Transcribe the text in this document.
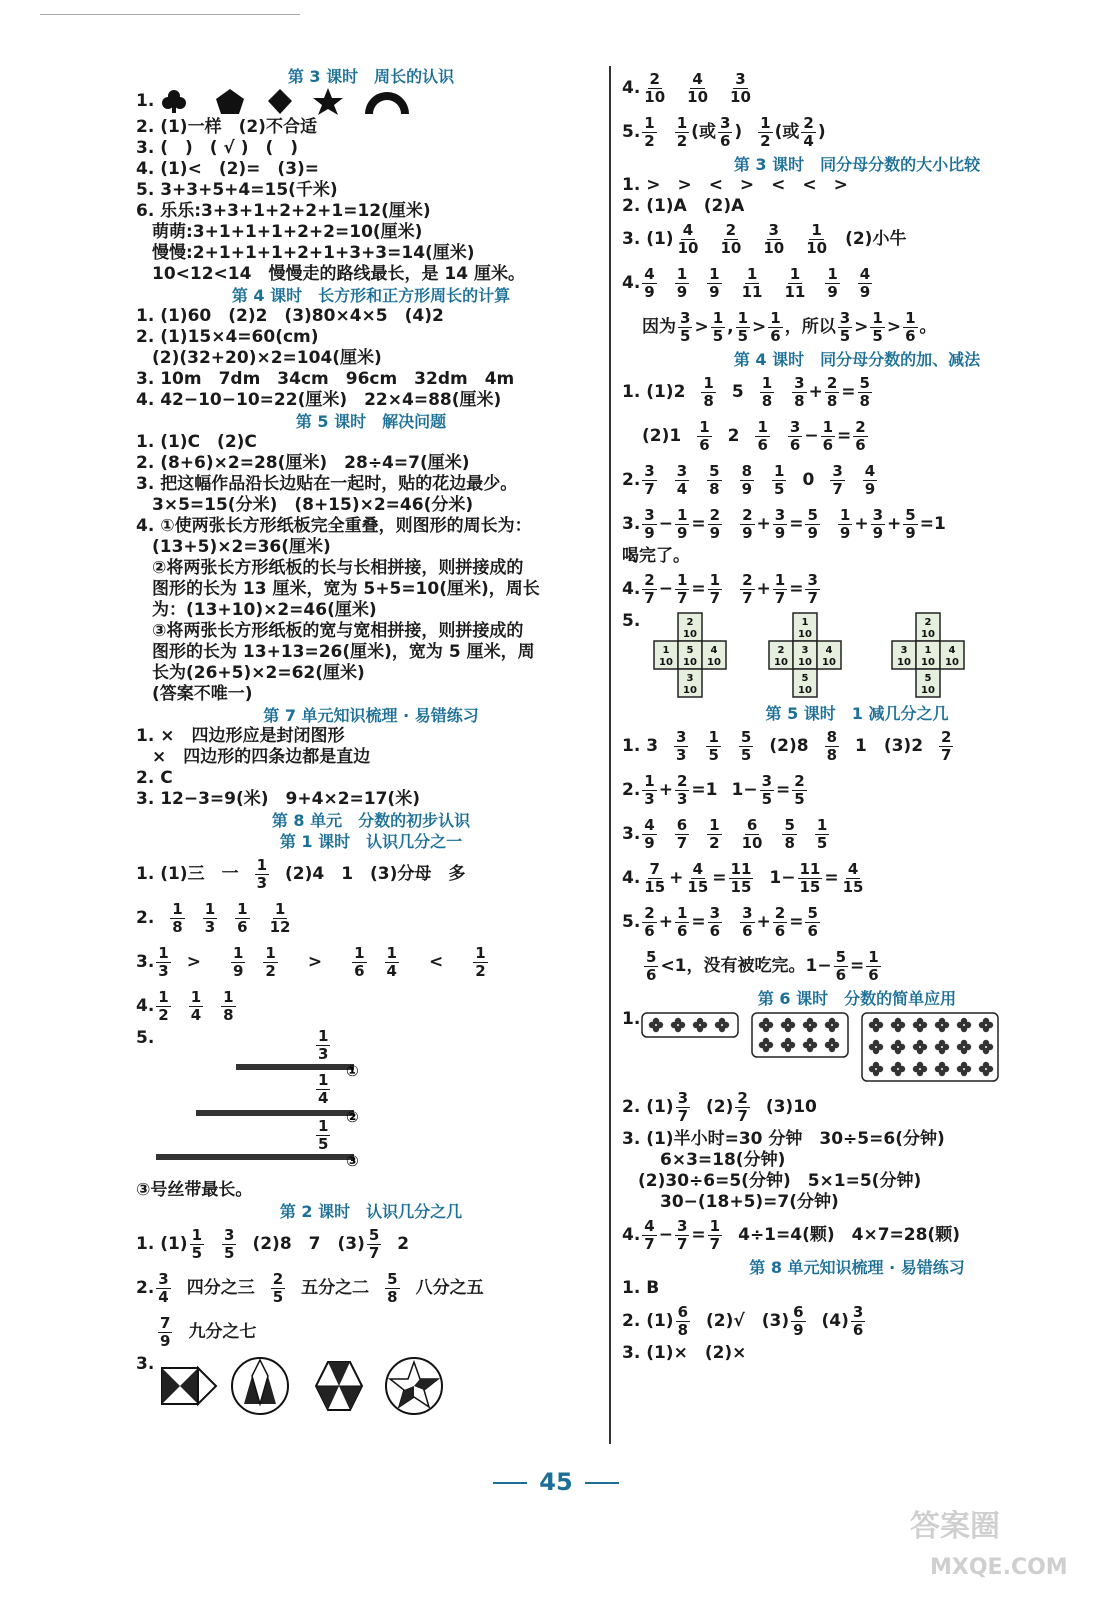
第 3 课时　周长的认识
1.
2. (1)一样　(2)不合适
3. (　)　( √ )　(　)
4. (1)<　(2)=　(3)=
5. 3+3+5+4=15(千米)
6. 乐乐:3+3+1+2+2+1=12(厘米)
萌萌:3+1+1+1+2+2=10(厘米)
慢慢:2+1+1+1+2+1+3+3=14(厘米)
10<12<14　慢慢走的路线最长，是 14 厘米。
第 4 课时　长方形和正方形周长的计算
1. (1)60　(2)2　(3)80×4×5　(4)2
2. (1)15×4=60(cm)
(2)(32+20)×2=104(厘米)
3. 10m　7dm　34cm　96cm　32dm　4m
4. 42−10−10=22(厘米)　22×4=88(厘米)
第 5 课时　解决问题
1. (1)C　(2)C
2. (8+6)×2=28(厘米)　28÷4=7(厘米)
3. 把这幅作品沿长边贴在一起时，贴的花边最少。
3×5=15(分米)　(8+15)×2=46(分米)
4. ①使两张长方形纸板完全重叠，则图形的周长为：
(13+5)×2=36(厘米)
②将两张长方形纸板的长与长相拼接，则拼接成的
图形的长为 13 厘米，宽为 5+5=10(厘米)，周长
为：(13+10)×2=46(厘米)
③将两张长方形纸板的宽与宽相拼接，则拼接成的
图形的长为 13+13=26(厘米)，宽为 5 厘米，周
长为(26+5)×2=62(厘米)
(答案不唯一)
第 7 单元知识梳理 · 易错练习
1. ×　四边形应是封闭图形
×　四边形的四条边都是直边
2. C
3. 12−3=9(米)　9+4×2=17(米)
第 8 单元　分数的初步认识
第 1 课时　认识几分之一
1. (1)三　一 $\frac{1}{3} (2)4$　1　(3)分母　多
2. $\frac{1}{8} \frac{1}{3} \frac{1}{6} \frac{1}{12}$
3. $\frac{1}{3} > \frac{1}{9} \frac{1}{2} > \frac{1}{6} \frac{1}{4} < \frac{1}{2}$
4. $\frac{1}{2} \frac{1}{4} \frac{1}{8}$
5.
①
②
③
$\frac{1}{3}$
$\frac{1}{4}$
$\frac{1}{5}$
③号丝带最长。
第 2 课时　认识几分之几
1. $(1) \frac{1}{5} \frac{3}{5} (2)8$　7　$(3) \frac{5}{7} 2$
2. $\frac{3}{4}$ 四分之三 $\frac{2}{5}$ 五分之二 $\frac{5}{8}$ 八分之五
$\frac{7}{9}$ 九分之七
3.
4. $\frac{2}{10} \frac{4}{10} \frac{3}{10}$
5. $\frac{1}{2} \frac{1}{2}$ (或 $\frac{3}{6}$ ) $\frac{1}{2}$ (或 $\frac{2}{4}$ )
第 3 课时　同分母分数的大小比较
1. >　>　<　>　<　<　>
2. (1)A　(2)A
3. $(1) \frac{4}{10} \frac{2}{10} \frac{3}{10} \frac{1}{10} (2)$小牛
4. $\frac{4}{9} \frac{1}{9} \frac{1}{9} \frac{1}{11} \frac{1}{11} \frac{1}{9} \frac{4}{9}$
因为 $\frac{3}{5} > \frac{1}{5}$ , $\frac{1}{5} > \frac{1}{6}$ ，所以 $\frac{3}{5} > \frac{1}{5} > \frac{1}{6}$ 。
第 4 课时　同分母分数的加、减法
1. $(1)2 \frac{1}{8} 5 \frac{1}{8} \frac{3}{8} + \frac{2}{8} = \frac{5}{8}$
$(2)1 \frac{1}{6} 2 \frac{1}{6} \frac{3}{6} - \frac{1}{6} = \frac{2}{6}$
2. $\frac{3}{7} \frac{3}{4} \frac{5}{8} \frac{8}{9} \frac{1}{5} 0 \frac{3}{7} \frac{4}{9}$
3. $\frac{3}{9} - \frac{1}{9} = \frac{2}{9} \frac{2}{9} + \frac{3}{9} = \frac{5}{9} \frac{1}{9} + \frac{3}{9} + \frac{5}{9} =1$
喝完了。
4. $\frac{2}{7} - \frac{1}{7} = \frac{1}{7} \frac{2}{7} + \frac{1}{7} = \frac{3}{7}$
5.	2
10
1
10
5
10
4
10
3
10
1
10
2
10
3
10
4
10
5
10
2
10
3
10
1
10
4
10
5
10
第 5 课时　1 减几分之几
1. $3 \frac{3}{3} \frac{1}{5} \frac{5}{5} (2)8 \frac{8}{8} 1$　$(3)2 \frac{2}{7}$
2. $\frac{1}{3} + \frac{2}{3} =1$ $1- \frac{3}{5} = \frac{2}{5}$
3. $\frac{4}{9} \frac{6}{7} \frac{1}{2} \frac{6}{10} \frac{5}{8} \frac{1}{5}$
4. $\frac{7}{15} + \frac{4}{15} = \frac{11}{15} 1- \frac{11}{15} = \frac{4}{15}$
5. $\frac{2}{6} + \frac{1}{6} = \frac{3}{6} \frac{3}{6} + \frac{2}{6} = \frac{5}{6}$
$\frac{5}{6} <1$，没有被吃完。$1- \frac{5}{6} = \frac{1}{6}$
第 6 课时　分数的简单应用
1.
2. $(1) \frac{3}{7} (2) \frac{2}{7} (3)10$
3. (1)半小时=30 分钟　30÷5=6(分钟)
6×3=18(分钟)
(2)30÷6=5(分钟)　5×1=5(分钟)
30−(18+5)=7(分钟)
4. $\frac{4}{7} - \frac{3}{7} = \frac{1}{7} 4\div 1=4$(颗)　4×7=28(颗)
第 8 单元知识梳理 · 易错练习
1. B
2. $(1) \frac{6}{8} (2)√$　$(3) \frac{6}{9} (4) \frac{3}{6}$
3. (1)×　(2)×
45
答案圈
MXQE.COM
